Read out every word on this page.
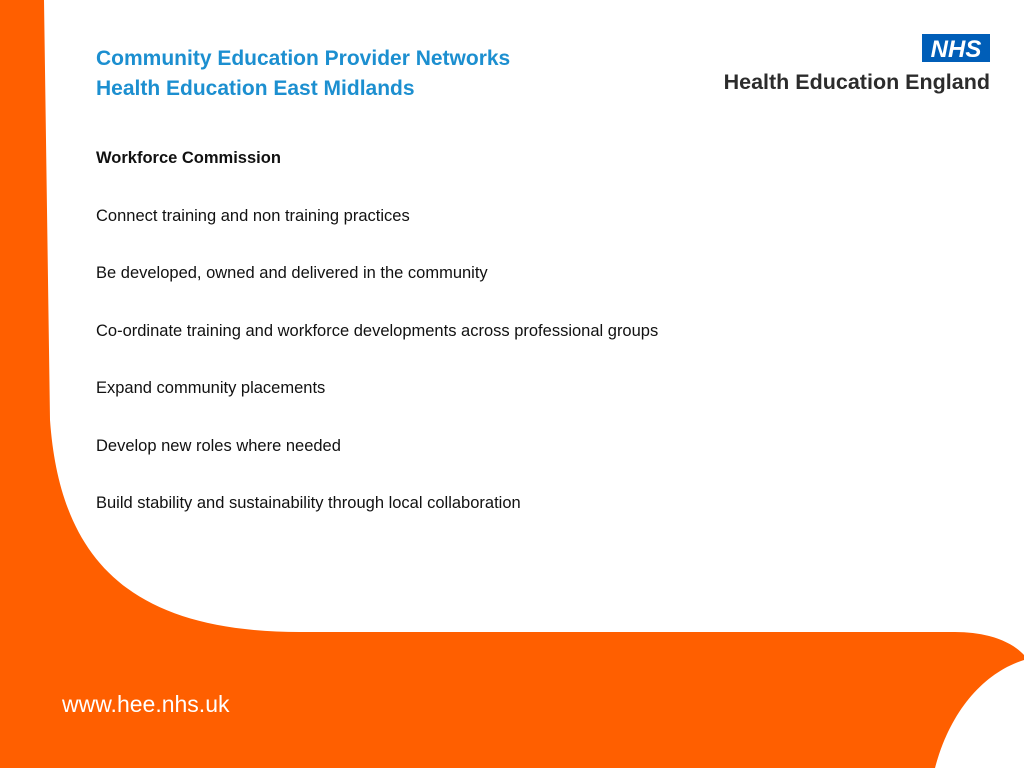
Community Education Provider Networks
Health Education East Midlands
NHS
Health Education England
Workforce Commission
Connect training and non training practices
Be developed, owned and delivered in the community
Co-ordinate training and workforce developments across professional groups
Expand community placements
Develop new roles where needed
Build stability and sustainability through local collaboration
www.hee.nhs.uk
